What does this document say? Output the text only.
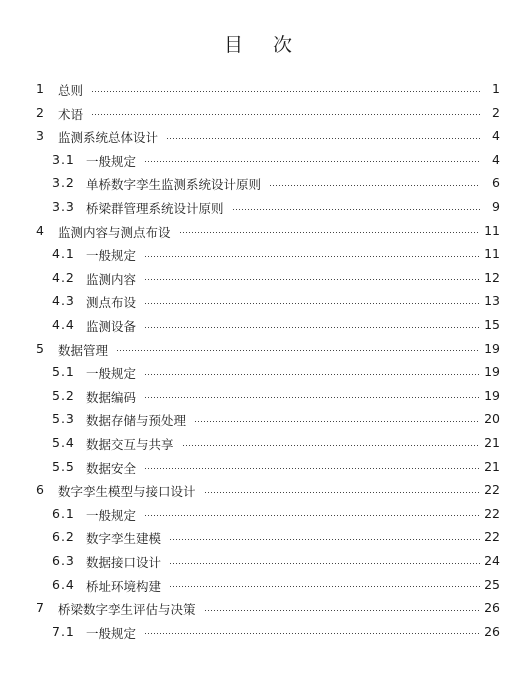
目 次
1 总则	1
2 术语	2
3 监测系统总体设计	4
3.1 一般规定	4
3.2 单桥数字孪生监测系统设计原则	6
3.3 桥梁群管理系统设计原则	9
4 监测内容与测点布设	11
4.1 一般规定	11
4.2 监测内容	12
4.3 测点布设	13
4.4 监测设备	15
5 数据管理	19
5.1 一般规定	19
5.2 数据编码	19
5.3 数据存储与预处理	20
5.4 数据交互与共享	21
5.5 数据安全	21
6 数字孪生模型与接口设计	22
6.1 一般规定	22
6.2 数字孪生建模	22
6.3 数据接口设计	24
6.4 桥址环境构建	25
7 桥梁数字孪生评估与决策	26
7.1 一般规定	26
